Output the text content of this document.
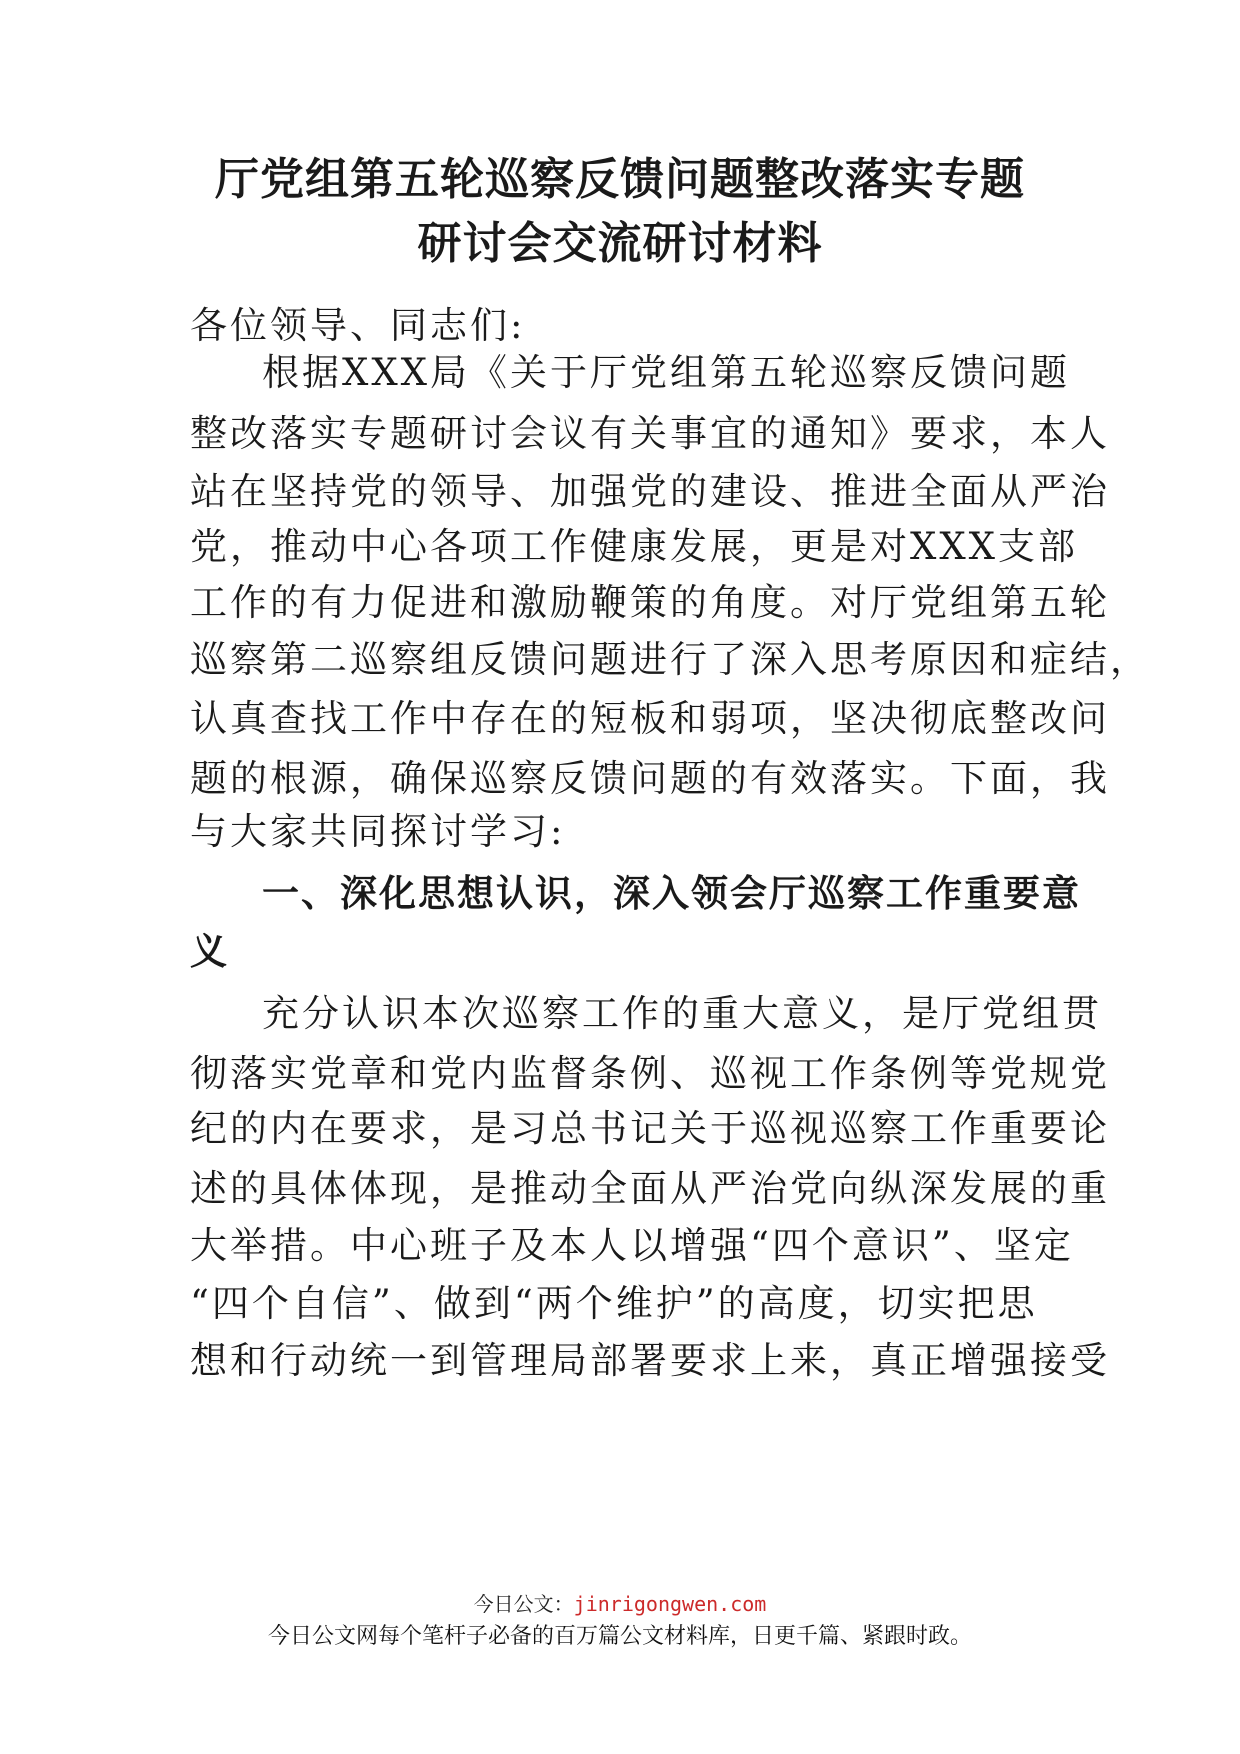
厅党组第五轮巡察反馈问题整改落实专题
研讨会交流研讨材料

各位领导、同志们:

根据XXX局《关于厅党组第五轮巡察反馈问题

整改落实专题研讨会议有关事宜的通知》要求，本人

站在坚持党的领导、加强党的建设、推进全面从严治

党，推动中心各项工作健康发展，更是对XXX支部

工作的有力促进和激励鞭策的角度。对厅党组第五轮

巡察第二巡察组反馈问题进行了深入思考原因和症结，

认真查找工作中存在的短板和弱项，坚决彻底整改问

题的根源，确保巡察反馈问题的有效落实。下面，我

与大家共同探讨学习:

一、深化思想认识，深入领会厅巡察工作重要意

义

充分认识本次巡察工作的重大意义，是厅党组贯

彻落实党章和党内监督条例、巡视工作条例等党规党

纪的内在要求，是习总书记关于巡视巡察工作重要论

述的具体体现，是推动全面从严治党向纵深发展的重

大举措。中心班子及本人以增强“四个意识”、坚定

“四个自信”、做到“两个维护”的高度，切实把思

想和行动统一到管理局部署要求上来，真正增强接受

今日公文：jinrigongwen.com

今日公文网每个笔杆子必备的百万篇公文材料库，日更千篇、紧跟时政。
